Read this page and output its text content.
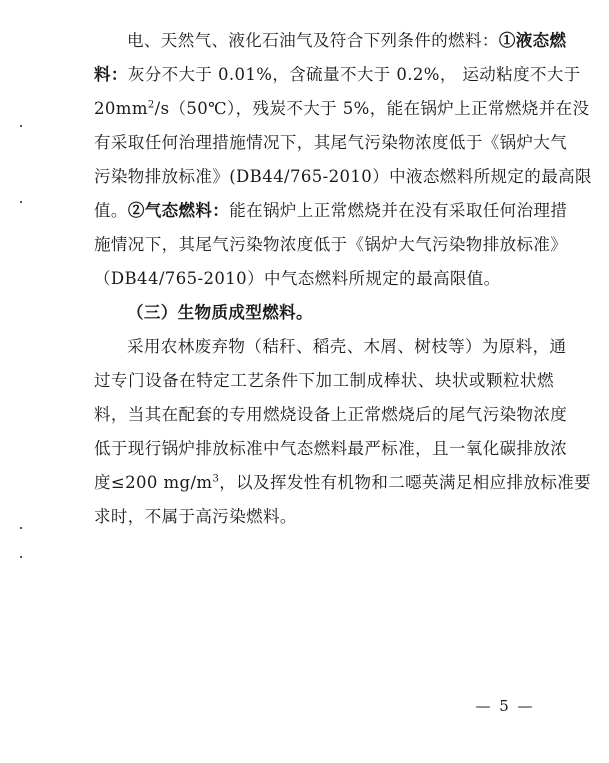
电、天然气、液化石油气及符合下列条件的燃料：①液态燃
料：灰分不大于 0.01%，含硫量不大于 0.2%， 运动粘度不大于
$20mm^2/s(50℃)$，残炭不大于 5%，能在锅炉上正常燃烧并在没
有采取任何治理措施情况下，其尾气污染物浓度低于《锅炉大气
污染物排放标准》(DB44/765-2010）中液态燃料所规定的最高限
值。②气态燃料：能在锅炉上正常燃烧并在没有采取任何治理措
施情况下，其尾气污染物浓度低于《锅炉大气污染物排放标准》
（DB44/765-2010）中气态燃料所规定的最高限值。
（三）生物质成型燃料。
采用农林废弃物（秸秆、稻壳、木屑、树枝等）为原料，通
过专门设备在特定工艺条件下加工制成棒状、块状或颗粒状燃
料，当其在配套的专用燃烧设备上正常燃烧后的尾气污染物浓度
低于现行锅炉排放标准中气态燃料最严标准，且一氧化碳排放浓
度≤200 $mg/m^3$，以及挥发性有机物和二噁英满足相应排放标准要
求时，不属于高污染燃料。
— 5 —
